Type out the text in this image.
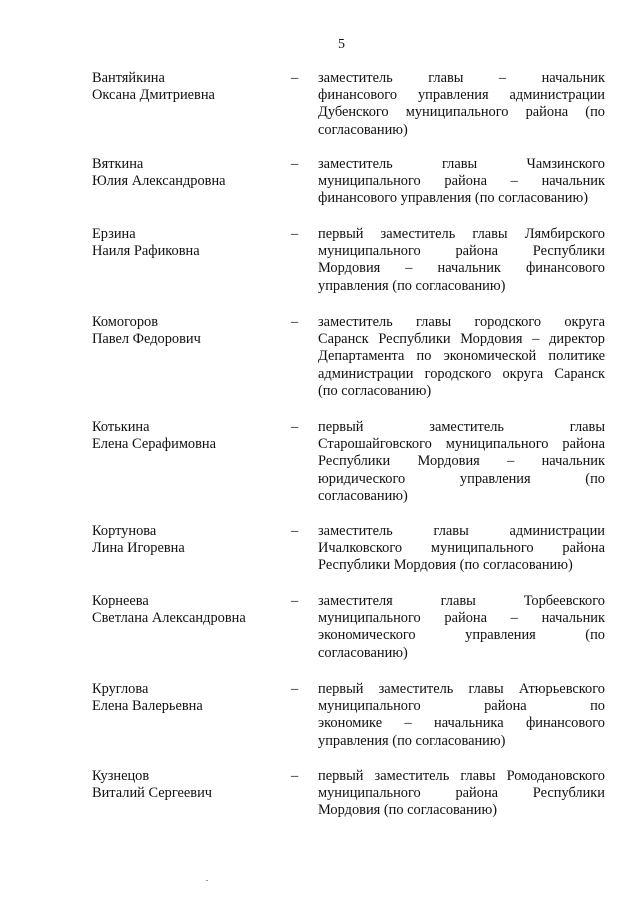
5
Вантяйкина
Оксана Дмитриевна
– заместитель главы – начальник
финансового управления администрации
Дубенского муниципального района (по
согласованию)
Вяткина
Юлия Александровна
– заместитель главы Чамзинского
муниципального района – начальник
финансового управления (по согласованию)
Ерзина
Наиля Рафиковна
– первый заместитель главы Лямбирского
муниципального района Республики
Мордовия – начальник финансового
управления (по согласованию)
Комогоров
Павел Федорович
– заместитель главы городского округа
Саранск Республики Мордовия – директор
Департамента по экономической политике
администрации городского округа Саранск
(по согласованию)
Котькина
Елена Серафимовна
– первый заместитель главы
Старошайговского муниципального района
Республики Мордовия – начальник
юридического управления (по
согласованию)
Кортунова
Лина Игоревна
– заместитель главы администрации
Ичалковского муниципального района
Республики Мордовия (по согласованию)
Корнеева
Светлана Александровна
– заместителя главы Торбеевского
муниципального района – начальник
экономического управления (по
согласованию)
Круглова
Елена Валерьевна
– первый заместитель главы Атюрьевского
муниципального района по
экономике – начальника финансового
управления (по согласованию)
Кузнецов
Виталий Сергеевич
– первый заместитель главы Ромодановского
муниципального района Республики
Мордовия (по согласованию)
